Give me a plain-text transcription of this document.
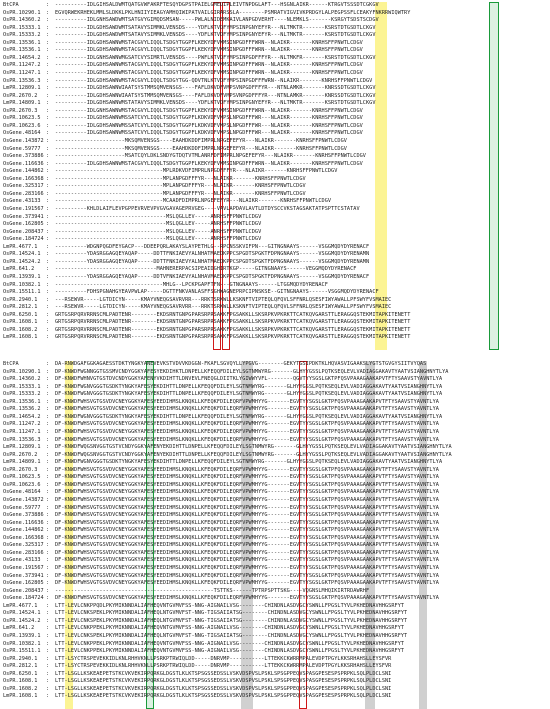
BtCPA	: ----------IDLGIHSALDWMTQATGVWFAKRFTESQYDGPSTPAIELGMEDIPLEIVTNPDGLAFT---HSGNLAIKR------KTRGVTSSSDTCGKGV
OsPR.10290.1	: EGVQRWEKRHEKLMMLSLDKKLPKLHNIIYIEAGYAMHQIWIPATVAILGIRARSSLA--------PSMRATVIGVIVKPRDGYLALPEGPSSFLCEAKYFNKRRWIQWTRY
OsPR.14360.2	: ----------IDLGNHSAWDWMTSATGVYGIMQDSMSAN-----PWLALNIDEMKAIVLANPGDVERHT----NLEMKLS-------KSRGYTSDSTSCDGV
OsPR.15333.1	: ----------IDLGDHSAWDWMTSATAVYSIMMKLVENSDS----YDFLKTVDFYMPSINPGNYEFYR---NLTMKTR-------KSRSTDTGSDTLCKGV
OsPR.15333.2	: ----------IDLGDHSAWDWMTSATAVYSIMMKLVENSDS----YDFLKTVDFYMPSINPGNYEFYR---NLTMKTR-------KSRSTDTGSDTLCKGV
OsPR.13536.1	: ----------IDLGDHSAWNWMSTACGVYLIQQLTSDGYTGGPFLKEKYDFVMMSINPGDFFFWRN--NLAIKR-------KNRHSFFPNWTLCDGV
OsPR.13536.1	: ----------IDLGDHSAWNWMSTACGVYLIQQLTSDGYTGGPFLKEKYDFVMMSINPGDFFFWRN--NLAIKR-------KNRHSFFPNWTLCDGV
OsPR.14654.2	: ----------IDLGNHSAWNWMGSATCVYSIMRTLVENSDS----PWFLKTVDFYMPSINPGDFFFYR---NLTMKFR-------KSRSTDTGSDTLCKGV
OsPR.11247.2	: ----------IDLGDHSAWNWMSTACGVYLIQQLTSDGYTGGPFLKEKYDFVMMSINPGDFFFWRN--NLAIKR-------KNRHSFFPNWTLCDGV
OsPR.11247.1	: ----------IDLGDHSAWNWMSTACGVYLIQQLTSDGYTGGPFLKEKYDFVMMSINPGDFFFWRN--NLAIKR-------KNRHSFFPNWTLCDGV
OsPR.13536.3	: ----------IDLGDHSAWNWMSTACGVYLIQQLTSDGYTGG-QDVTNLKTVDFYMPSINPGDFFFWRN--NLAIKR-------KNRHSFFPNWTLCDGV
LmPR.12809.1	: ----------IDLGDHSAWNWIAATSYSTMMSQMVENSGS----FAFLDKVDFVMPSVNPGDFFFYR---NTNLAMKR-------KNRSSDTGSDTLCKGV
OsPR.2670.2	: ----------IDLGDHSAWNWIAATSYSTMMSQMVENSGS----FAFLDKVDFVMPSVNPGDFFFYR---NTNLAMKR-------KNRSSDTGSDTLCKGV
LmPR.14809.1	: ----------IDLGDHSAWNWMSTATAVYSIMMKLVENSDS----YDFLKTVDFYMPSINPGNYEFYR---NLTMKTR-------KSRSTDTGSDTLCKGV
OsPR.2670.3	: ----------IDLGNHSAWNWMSTACGVYLIQQLTSDGYTGGPFLKEKYDFVMMSINPGDFFFWRN--NLAIKR-------KNRHSFFPNWTLCDGV
OsPR.10623.5	: ----------IDLGDHSAWNWMSSATCVYLIQQLTSDGYTGGPFLKDKVDFVMPSLNPGDFFFWR---NLAIKR-------KNRHSFFPNWTLCDGV
OsPR.10623.6	: ----------IDLGDHSAWNWMSSATCVYLIQQLTSDGYTGGPFLKDKVDFVMPSLNPGDFFFWR---NLAIKR-------KNRHSFFPNWTLCDGV
OsGene.48164	: ----------IDLGDHSAWNWMSSATCVYLIQQLTSDGYTGGPFLKDKVDFVMPSLNPGDFFFWR---NLAIKR-------KNRHSFFPNWTLCDGV
OsGene.143872 : ----------------------MKSQMVENSGS----EAAHDKDDFIMPRLNPGEFEFYR---NLAIKR-------KNRHSFFPNWTLCDGV
OsGene.59777	: ----------------------MKSQMVENSGS----EAAHDKDDFIMPRLNPGEFEFYR---NLAIKR-------KNRHSFFPNWTLCDGV
OsGene.373886 : ----------------------MSATCQYLDKLSNDYGTDQTVTMLANRFDFIMPRLNPGEFEFYR---NLAIKR-------KNRHSFFPNWTLCDGV
OsGene.116636 : ----------IDLGDHSAWNWMSTACGVYLIQQLTSDGYTGGPFLKEKYDFVMMSINPGDFFFWRN--NLAIKR-------KNRHSFFPNWTLCDGV
OsGene.144862 : ----------------------------------MPLRDKVDFIMPRLNPGDFFFYR---NLAIKR-------KNRHSFFPNWTLCDGV
OsGene.166368 : ----------------------------------MPLANPGDFFFYR---NLAIKR-------KNRHSFFPNWTLCDGV
OsGene.325317 : ----------------------------------MPLANPGDFFFYR---NLAIKR-------KNRHSFFPNWTLCDGV
OsGene.283166 : ----------------------------------MPLANPGDFFFYR---NLAIKR-------KNRHSFFPNWTLCDGV
OsGene.43133	: ----------------------------------MCAADFDIMPRLNPGEFEFYR---NLAIKR-------KNRHSFFPNWTLCDGV
OsGene.191567 : ----------KHLDLAIFLEVPGPPEVRVEVPVGVGAVAGEPRVGEG----VAVLAPDAVLAVTLDTDYSCCVKSTAGSAKTATPSPTTCSTATAV
OsGene.373941 : -----------------------------------MSLQGLLEV-----ANRHSFFPNWTLCDGV
OsGene.162805 : -----------------------------------MSLQGLLEV-----ANRHSFFPNWTLCDGV
OsGene.208437 : -----------------------------------MSLQGLLEV-----ANRHSFFPNWTLCDGV
OsGene.184724 : -----------------------------------MSLQGLLEV-----ANRHSFFPNWTLCDGV
LmPR.4677.1	: ----------WDGNPQGDFEYGACP---DDEEPQRLAKAYSLAYPETHLG--RPCNSSKVIFPN---GITNGNAAYS------VSGGMQDYDYRENACF
OsPR.14524.1	: ----------YDASRGGAGQEYAQAP-----DDTTFNKIAEVYALNHATMAEDKPPCSPGDTSPGKTFDPNGNAAYS------VSGGMQDYDYRENAMN
OsPR.14524.2	: ----------YDASRGGAGQEYAQAP-----DDTTFNKIAEVYALNHATMAEDKPPCSPGDTSPGKTFDPNGNAAYS------VSGGMQDYDYRENAMN
LmPR.641.2	: --------------------------------MAHNERERPACSIPEAIDGHIRTKGP-----GITNGNAAYS------VEGGMQDYDYRENACF
OsPR.13939.1	: ----------YDASRGGAGQEYAQAP-----DDTVFNKIAEVYALNHAVMAEDKPPCSPGDTSPGKTFDPNGNAAYS------VSGGMQDYDYRENACF
OsPR.10382.1	: ----------------------------------MHLG--LPCKPGAPFTFN---GTNGNAAYS------LTGGMQDYDYRENACF
OsPR.15511.1	: ----------FDHSPGNAHGYEAVPWLAP-----DGTTFNKVANLASFFSGHWAGNEPRPCIPNSKSE--GITNGNAAYS------VSGGMQDYDYRENACF
OsPR.2940.1	: ---RSEWVR-----LGTDICYN-----KMAYVNEQGSAVRVRR---RRKTSRKWLLKSKNFTVIPTEQLQFQVLSFFNRLQSESFIWYAWALLPFSWYFVSMAIEC
OsPR.2812.1	: ---RSEWVR-----LGTDICYN-----KMAYVNEQGSAVRVRR---RRKTSRKWLLKSKNFTVIPTEQLQFQVLSFFNRLQSESFIWYAWALLPFSWYFVSMAIEC
OsPR.6250.1	: GRTGSRPQRVRRNSCMLPADTENR--------EKDSRNTGNPGPARSRPRSAKKFPGSAKKLLSKSRPKVPKRKTTCATKQVGARSTTLERAGGQSTEKMITAPKITENETT
OsPR.1608.1	: GRTGSRPQRVRRNSCMLPADTENR--------EKDSRNTGNPGPARSRPRSAKKFPGSAKKLLSKSRPKVPKRKTTCATKQVGARSTTLERAGGQSTEKMITAPKITENETT
OsPR.1608.2	: GRTGSRPQRVRRNSCMLPADTENR--------EKDSRNTGNPGPARSRPRSAKKFPGSAKKLLSKSRPKVPKRKTTCATKQVGARSTTLERAGGQSTEKMITAPKITENETT
LmPR.1608.1	: GRTGSRPQRVRRNSCMLPADTENR--------EKDSRNTGNPGPARSRPRSAKKFPGSAKKLLSKSRPKVPKRKTTCATKQVGARSTTLERAGGQSTEKMITAPKITENETT
BtCPA	: DA-RNWDGAFGGKAGAESSTDKTYNGKYANEVEVKSTVDVVKDGGN-FKAFLSGVQYLLYPGVG--------GEKYTGSIPDKTKLHQVASVIGAAKSLYGTSTGVGYSIITVYQAS
OsPR.10290.1	: DP-KNWDFWGNNGGTGSSMVCNDYGGKYAFESYEKDIHKTLDNPELLKFEQQFDILEYLSGTNMWYRG-------GLHYYGSSLPQTKSEQLEVLVADIAGGAKAVTYAATVSIANGHNYTLYA
OsPR.14360.2	: DF-KNWDFWHNVGTGSTDVCNDYGGKYAFENYVKDIHTTLDNVEVLFNEQGLDIITKLYGIWWYVFL--------QGVTYYSGSLGKTPFQSVPAAAGAAKAPVTFTYSAAVSTYAVNTLYA
OsPR.15333.1	: DF-KNWDFWGNVGGGTGSDKTYNGKYAFESYEKDIHTTLDNPELLKFEQQFDILEYLSGTNMWYRG-------GLHYYGSSLPQTKSEQLEVLVADIAGGAKAVTYAATVSIANGHNYTLYA
OsPR.15333.2	: DF-KNWDFWGNVGGGTGSDKTYNGKYAFESYEKDIHTTLDNPELLKFEQQFDILEYLSGTNMWYRG-------GLHYYGSSLPQTKSEQLEVLVADIAGGAKAVTYAATVSIANGHNYTLYA
OsPR.13536.1	: DF-KNWDFWHSVGTGSVDVCNEYGGKYAFESYEEDIHMSLKNQKLLKFEQKFDILEQRFVPWMHYYG-------EGVTYYSGSLGKTPFQSVPAAAGAAKAPVTFTYSAAVSTYAVNTLYA
OsPR.13536.2	: DF-KNWDFWHSVGTGSVDVCNEYGGKYAFESYEEDIHMSLKNQKLLKFEQKFDILEQRFVPWMHYYG-------EGVTYYSGSLGKTPFQSVPAAAGAAKAPVTFTYSAAVSTYAVNTLYA
OsPR.14654.2	: DF-KNWDFWGNVGGGTGSDKTYNGKYAFESYEKDIHTTLDNPELLKFEQQFDILEYLSGTNMWYRG-------GLHYYGSSLPQTKSEQLEVLVADIAGGAKAVTYAATVSIANGHNYTLYA
OsPR.11247.2	: DF-KNWDFWHSVGTGSVDVCNEYGGKYAFESYEEDIHMSLKNQKLLKFEQKFDILEQRFVPWMHYYG-------EGVTYYSGSLGKTPFQSVPAAAGAAKAPVTFTYSAAVSTYAVNTLYA
OsPR.11247.1	: DF-KNWDFWHSVGTGSVDVCNEYGGKYAFESYEEDIHMSLKNQKLLKFEQKFDILEQRFVPWMHYYG-------EGVTYYSGSLGKTPFQSVPAAAGAAKAPVTFTYSAAVSTYAVNTLYA
OsPR.13536.3	: DF-KNWDFWHSVGTGSVDVCNEYGGKYAFESYEEDIHMSLKNQKLLKFEQKFDILEQRFVPWMHYYG-------EGVTYYSGSLGKTPFQSVPAAAGAAKAPVTFTYSAAVSTYAVNTLYA
LmPR.12809.1	: DF-KNWDFWQGSNVGGTGSTVCNDYGGKYAFENYEKDIHTTLDNPELLKFEQQFDILEYLSGTNMWYRG-------GLHYYGSSLPQTKSEQLEVLVADIAGGAKAVTYAATVSIANGHNYTLYA
OsPR.2670.2	: DF-KNWDFWQGSNVGGTGSTVCNDYGGKYAFENYEKDIHTTLDNPELLKFEQQFDILEYLSGTNMWYRG-------GLHYYGSSLPQTKSEQLEVLVADIAGGAKAVTYAATVSIANGHNYTLYA
LmPR.14809.1	: DF-KNWDFWGNVGGGTGSDKTYNGKYAFESYEKDIHTTLDNPELLKFEQQFDILEYLSGTNMWYRG-------GLHYYGSSLPQTKSEQLEVLVADIAGGAKAVTYAATVSIANGHNYTLYA
OsPR.2670.3	: DF-KNWDFWHSVGTGSVDVCNEYGGKYAFESYEEDIHMSLKNQKLLKFEQKFDILEQRFVPWMHYYG-------EGVTYYSGSLGKTPFQSVPAAAGAAKAPVTFTYSAAVSTYAVNTLYA
OsPR.10623.5	: DF-KNWDFWHSVGTGSVDVCNEYGGKYAFESYEEDIHMSLKNQKLLKFEQKFDILEQRFVPWMHYYG-------EGVTYYSGSLGKTPFQSVPAAAGAAKAPVTFTYSAAVSTYAVNTLYA
OsPR.10623.6	: DF-KNWDFWHSVGTGSVDVCNEYGGKYAFESYEEDIHMSLKNQKLLKFEQKFDILEQRFVPWMHYYG-------EGVTYYSGSLGKTPFQSVPAAAGAAKAPVTFTYSAAVSTYAVNTLYA
OsGene.48164	: DF-KNWDFWHSVGTGSVDVCNEYGGKYAFESYEEDIHMSLKNQKLLKFEQKFDILEQRFVPWMHYYG-------EGVTYYSGSLGKTPFQSVPAAAGAAKAPVTFTYSAAVSTYAVNTLYA
OsGene.143872 : DF-KNWDFWHSVGTGSVDVCNEYGGKYAFESYEEDIHMSLKNQKLLKFEQKFDILEQRFVPWMHYYG-------EGVTYYSGSLGKTPFQSVPAAAGAAKAPVTFTYSAAVSTYAVNTLYA
OsGene.59777	: DF-KNWDFWHSVGTGSVDVCNEYGGKYAFESYEEDIHMSLKNQKLLKFEQKFDILEQRFVPWMHYYG-------EGVTYYSGSLGKTPFQSVPAAAGAAKAPVTFTYSAAVSTYAVNTLYA
OsGene.373886 : DF-KNWDFWHSVGTGSVDVCNEYGGKYAFESYEEDIHMSLKNQKLLKFEQKFDILEQRFVPWMHYYG-------EGVTYYSGSLGKTPFQSVPAAAGAAKAPVTFTYSAAVSTYAVNTLYA
OsGene.116636 : DF-KNWDFWHSVGTGSVDVCNEYGGKYAFESYEEDIHMSLKNQKLLKFEQKFDILEQRFVPWMHYYG-------EGVTYYSGSLGKTPFQSVPAAAGAAKAPVTFTYSAAVSTYAVNTLYA
OsGene.144862 : DF-KNWDFWHSVGTGSVDVCNEYGGKYAFESYEEDIHMSLKNQKLLKFEQKFDILEQRFVPWMHYYG-------EGVTYYSGSLGKTPFQSVPAAAGAAKAPVTFTYSAAVSTYAVNTLYA
OsGene.166368 : DF-KNWDFWHSVGTGSVDVCNEYGGKYAFESYEEDIHMSLKNQKLLKFEQKFDILEQRFVPWMHYYG-------EGVTYYSGSLGKTPFQSVPAAAGAAKAPVTFTYSAAVSTYAVNTLYA
OsGene.325317 : DF-KNWDFWHSVGTGSVDVCNEYGGKYAFESYEEDIHMSLKNQKLLKFEQKFDILEQRFVPWMHYYG-------EGVTYYSGSLGKTPFQSVPAAAGAAKAPVTFTYSAAVSTYAVNTLYA
OsGene.283166 : DF-KNWDFWHSVGTGSVDVCNEYGGKYAFESYEEDIHMSLKNQKLLKFEQKFDILEQRFVPWMHYYG-------EGVTYYSGSLGKTPFQSVPAAAGAAKAPVTFTYSAAVSTYAVNTLYA
OsGene.43133	: DF-KNWDFWHSVGTGSVDVCNEYGGKYAFESYEEDIHMSLKNQKLLKFEQKFDILEQRFVPWMHYYG-------EGVTYYSGSLGKTPFQSVPAAAGAAKAPVTFTYSAAVSTYAVNTLYA
OsGene.191567 : DF-KNWDFWHSVGTGSVDVCNEYGGKYAFESYEEDIHMSLKNQKLLKFEQKFDILEQRFVPWMHYYG-------EGVTYYSGSLGKTPFQSVPAAAGAAKAPVTFTYSAAVSTYAVNTLYA
OsGene.373941 : DF-KNWDFWHSVGTGSVDVCNEYGGKYAFESYEEDIHMSLKNQKLLKFEQKFDILEQRFVPWMHYYG-------EGVTYYSGSLGKTPFQSVPAAAGAAKAPVTFTYSAAVSTYAVNTLYA
OsGene.162805 : DF-KNWDFWHSVGTGSVDVCNEYGGKYAFESYEEDIHMSLKNQKLLKFEQKFDILEQRFVPWMHYYG-------EGVTYYSGSLGKTPFQSVPAAAGAAKAPVTFTYSAAVSTYAVNTLYA
OsGene.208437 : --------------------------------------------------TSTTKS------TPTRPSPTTSKG----VQGNSLMHQIKIRTRDAWRHF
OsGene.184724 : DF-KNWDFWHSVGTGSVDVCNEYGGKYAFESYEEDIHMSLKNQKLLKFEQKFDILEQRFVPWMHYYG-------EGVTYYSGSLGKTPFQSVPAAAGAAKAPVTFTYSAAVSTYAVNTLYA
LmPR.4677.1	: LTT-LEVLCNKPPQDLPKYMIKNNDALIAFHEQVNTGVMVFSS-NNG-AIGNAILVSG--------CHINDNLASDVGCYSWNLLFPGSLTYVLPKHEDNAVHHGSRFYT
OsPR.14524.1	: LTT-LEVLCNKSPEKLPKYMIKNNDALIAFHEQLNTGVMVFST-NNG-TIGSAIIATSG--------CHINDNLASDVGCYSWNLLFPGSLTYVLPKHEDNAVHHGSRFYT
OsPR.14524.2	: LTT-LEVLCNKSPEKLPKYMIKNNDALIAFHEQLNTGVMVFST-NNG-TIGSAIIATSG--------CHINDNLASDVGCYSWNLLFPGSLTYVLPKHEDNAVHHGSRFYT
LmPR.641.2	: LTT-LEVLCNKPPEKLPKYMIKNNDALIAFHEQVNTGVMVFSS-NNG-AIGNAILVSG--------CHINDNLASDVGCYSWNLLFPGSLTYVLPKHEDNAVHHGSRFYT
OsPR.13939.1	: LTT-LEVLCNKSPEKLPKYMIKNNDALIAFHEQLNTGVMVFST-NNG-TIGSAIIATSG--------CHINDNLASDVGCYSWNLLFPGSLTYVLPKHEDNAVHHGSRFYT
OsPR.10382.1	: LTT-LEVLCNKPPEKLPKYMIKNNDALIAFHEQVNTGVMVFSS-NNG-AIGNAILVSG--------CHINDNLASDVGCYSWNLLFPGSLTYVLPKHEDNAVHHGSRFYT
OsPR.15511.1	: LTT-LEVLCNKPPEKLPKYMIKNNDALIAFHEQVNTGVMVFSS-NNG-AIGNAILVSG--------CHINDNLASDVGCYSWNLLFPGSLTYVLPKHEDNAVHHGSRFYT
OsPR.2940.1	: LTT-LSYCTRSPEVEKKIDLKNLRHHVKNLLPSRKPTRWIQLDD-----DNRVMP-----------LTTEKKCKWRRMPALEVDPTPGYLKKSRHAHSLLEYSFVR
OsPR.2812.1	: LTT-LSYCTRSPEVEKKIDLKNLRHHVKNLLPSRKPTRWIQLDD-----DNRVMP-----------LTTEKKCKWRRMPALEVDPTPGYLKKSRHAHSLLEYSFVR
OsPR.6250.1	: LTT-LSGLLKSKEAEPETSTKCVKVEKIRPQRKGLDGSTLKLKTSPSGSSEDSSLVSKVDSPVSLPSKLSPSGPPEQVSPASGPESESPSPRPKLSQLPLDCLSNI
OsPR.1608.1	: LTT-LSGLLKSKEAEPETSTKCVKVEKIRPQRKGLDGSTLKLKTSPSGSSEDSSLVSKVDSPVSLPSKLSPSGPPEQVSPASGPESESPSPRPKLSQLPLDCLSNI
OsPR.1608.2	: LTT-LSGLLKSKEAEPETSTKCVKVEKIRPQRKGLDGSTLKLKTSPSGSSEDSSLVSKVDSPVSLPSKLSPSGPPEQVSPASGPESESPSPRPKLSQLPLDCLSNI
LmPR.1608.1	: LTT-LSGLLKSKEAEPETSTKCVKVEKIRPQRKGLDGSTLKLKTSPSGSSEDSSLVSKVDSPVSLPSKLSPSGPPEQVSPASGPESESPSPRPKLSQLPLDCLSNI
